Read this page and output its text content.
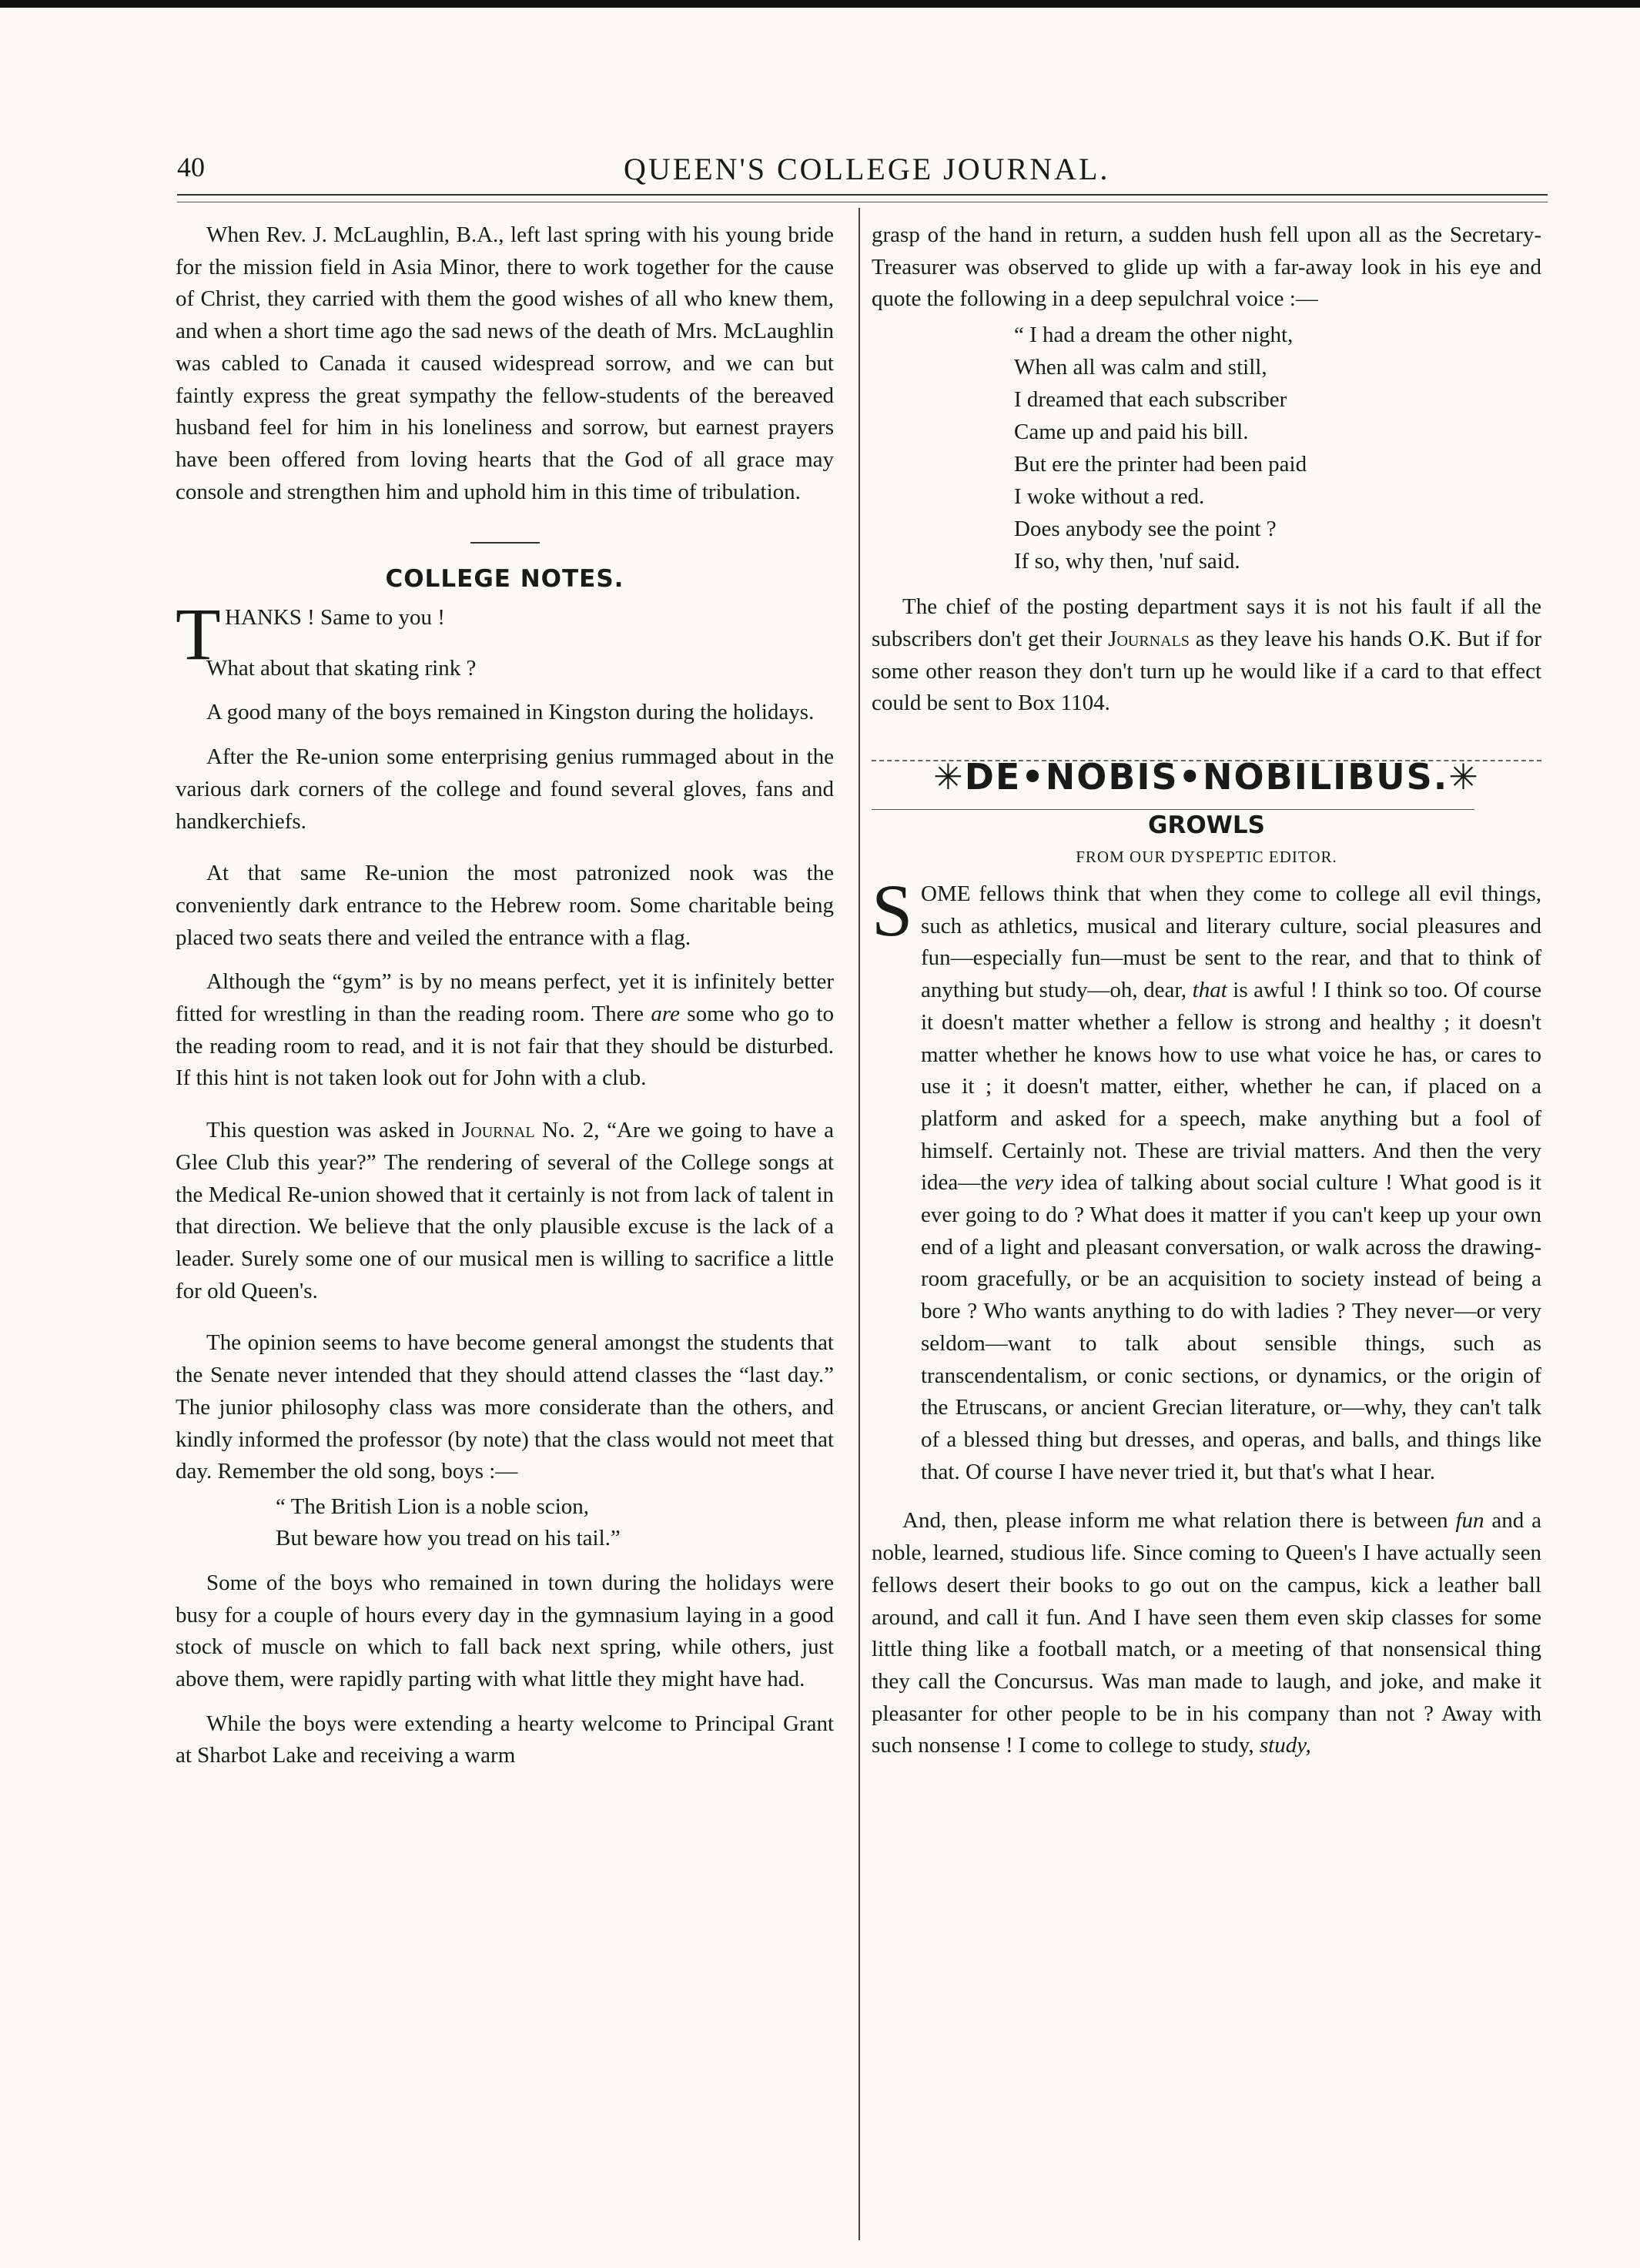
40	QUEEN'S COLLEGE JOURNAL.

When Rev. J. McLaughlin, B.A., left last spring with his young bride for the mission field in Asia Minor, there to work together for the cause of Christ, they carried with them the good wishes of all who knew them, and when a short time ago the sad news of the death of Mrs. McLaughlin was cabled to Canada it caused widespread sorrow, and we can but faintly express the great sympathy the fellow-students of the bereaved husband feel for him in his loneliness and sorrow, but earnest prayers have been offered from loving hearts that the God of all grace may console and strengthen him and uphold him in this time of tribulation.

COLLEGE NOTES.

T HANKS ! Same to you !

What about that skating rink ?

A good many of the boys remained in Kingston during the holidays.

After the Re-union some enterprising genius rummaged about in the various dark corners of the college and found several gloves, fans and handkerchiefs.

At that same Re-union the most patronized nook was the conveniently dark entrance to the Hebrew room. Some charitable being placed two seats there and veiled the entrance with a flag.

Although the “gym” is by no means perfect, yet it is infinitely better fitted for wrestling in than the reading room. There are some who go to the reading room to read, and it is not fair that they should be disturbed. If this hint is not taken look out for John with a club.

This question was asked in Journal No. 2, “Are we going to have a Glee Club this year?” The rendering of several of the College songs at the Medical Re-union showed that it certainly is not from lack of talent in that direction. We believe that the only plausible excuse is the lack of a leader. Surely some one of our musical men is willing to sacrifice a little for old Queen's.

The opinion seems to have become general amongst the students that the Senate never intended that they should attend classes the “last day.” The junior philosophy class was more considerate than the others, and kindly informed the professor (by note) that the class would not meet that day. Remember the old song, boys :—

“ The British Lion is a noble scion,
But beware how you tread on his tail.”

Some of the boys who remained in town during the holidays were busy for a couple of hours every day in the gymnasium laying in a good stock of muscle on which to fall back next spring, while others, just above them, were rapidly parting with what little they might have had.

While the boys were extending a hearty welcome to Principal Grant at Sharbot Lake and receiving a warm

grasp of the hand in return, a sudden hush fell upon all as the Secretary-Treasurer was observed to glide up with a far-away look in his eye and quote the following in a deep sepulchral voice :—

“ I had a dream the other night,
When all was calm and still,
I dreamed that each subscriber
Came up and paid his bill.
But ere the printer had been paid
I woke without a red.
Does anybody see the point ?
If so, why then, 'nuf said.

The chief of the posting department says it is not his fault if all the subscribers don't get their Journals as they leave his hands O.K. But if for some other reason they don't turn up he would like if a card to that effect could be sent to Box 1104.

✳DE•NOBIS•NOBILIBUS.✳

GROWLS

FROM OUR DYSPEPTIC EDITOR.

S OME fellows think that when they come to college all evil things, such as athletics, musical and literary culture, social pleasures and fun—especially fun—must be sent to the rear, and that to think of anything but study—oh, dear, that is awful ! I think so too. Of course it doesn't matter whether a fellow is strong and healthy ; it doesn't matter whether he knows how to use what voice he has, or cares to use it ; it doesn't matter, either, whether he can, if placed on a platform and asked for a speech, make anything but a fool of himself. Certainly not. These are trivial matters. And then the very idea—the very idea of talking about social culture ! What good is it ever going to do ? What does it matter if you can't keep up your own end of a light and pleasant conversation, or walk across the drawing-room gracefully, or be an acquisition to society instead of being a bore ? Who wants anything to do with ladies ? They never—or very seldom—want to talk about sensible things, such as transcendentalism, or conic sections, or dynamics, or the origin of the Etruscans, or ancient Grecian literature, or—why, they can't talk of a blessed thing but dresses, and operas, and balls, and things like that. Of course I have never tried it, but that's what I hear.

And, then, please inform me what relation there is between fun and a noble, learned, studious life. Since coming to Queen's I have actually seen fellows desert their books to go out on the campus, kick a leather ball around, and call it fun. And I have seen them even skip classes for some little thing like a football match, or a meeting of that nonsensical thing they call the Concursus. Was man made to laugh, and joke, and make it pleasanter for other people to be in his company than not ? Away with such nonsense ! I come to college to study, study,
